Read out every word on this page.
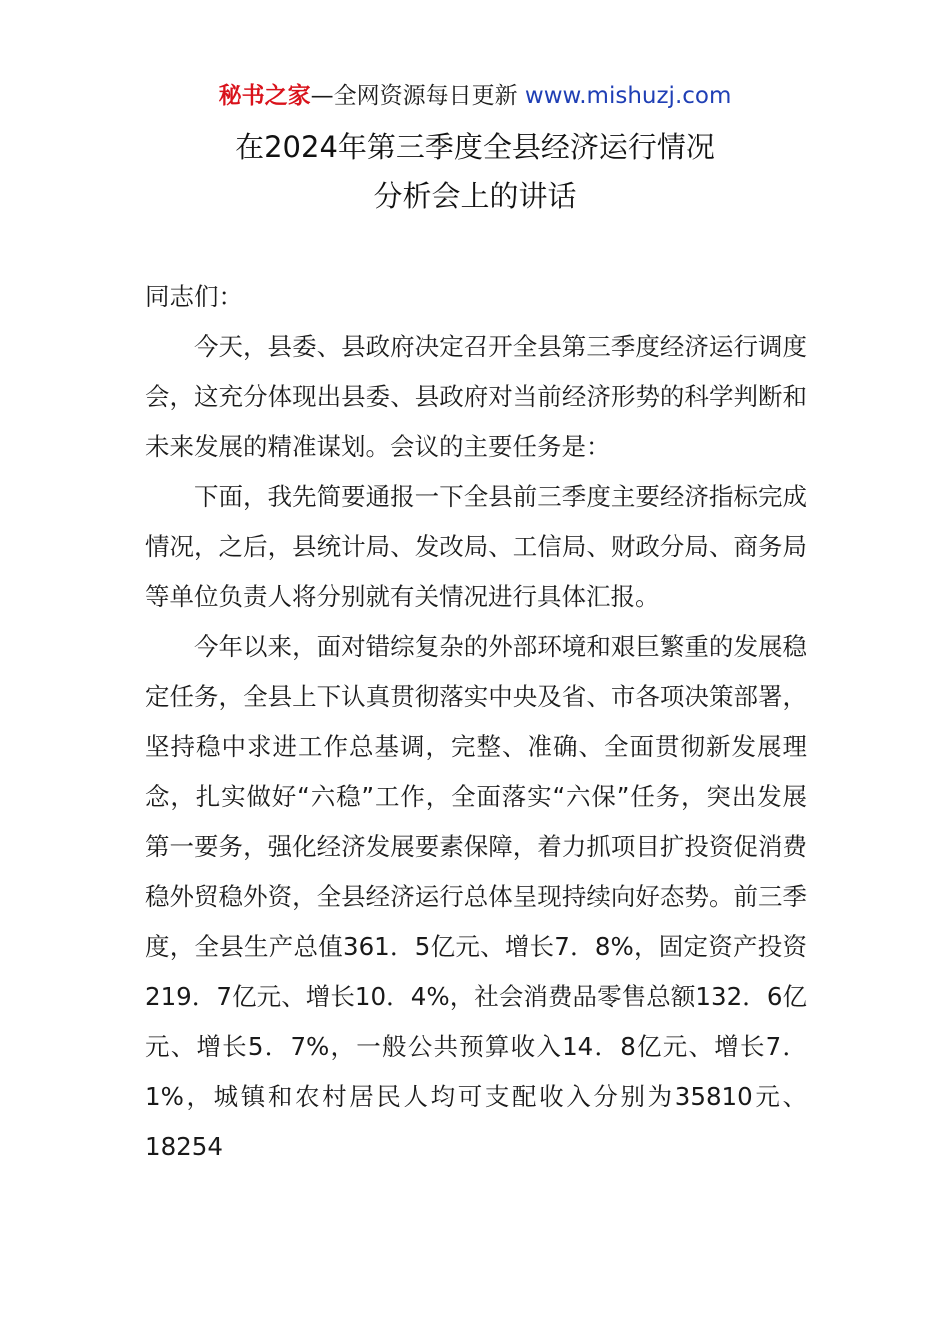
秘书之家—全网资源每日更新 www.mishuzj.com
在2024年第三季度全县经济运行情况
分析会上的讲话

同志们：

今天，县委、县政府决定召开全县第三季度经济运行调度会，这充分体现出县委、县政府对当前经济形势的科学判断和未来发展的精准谋划。会议的主要任务是：

下面，我先简要通报一下全县前三季度主要经济指标完成情况，之后，县统计局、发改局、工信局、财政分局、商务局等单位负责人将分别就有关情况进行具体汇报。

今年以来，面对错综复杂的外部环境和艰巨繁重的发展稳定任务，全县上下认真贯彻落实中央及省、市各项决策部署，坚持稳中求进工作总基调，完整、准确、全面贯彻新发展理念，扎实做好“六稳”工作，全面落实“六保”任务，突出发展第一要务，强化经济发展要素保障，着力抓项目扩投资促消费稳外贸稳外资，全县经济运行总体呈现持续向好态势。前三季度，全县生产总值361．5亿元、增长7．8%，固定资产投资219．7亿元、增长10．4%，社会消费品零售总额132．6亿元、增长5．7%，一般公共预算收入14．8亿元、增长7．1%，城镇和农村居民人均可支配收入分别为35810元、18254
